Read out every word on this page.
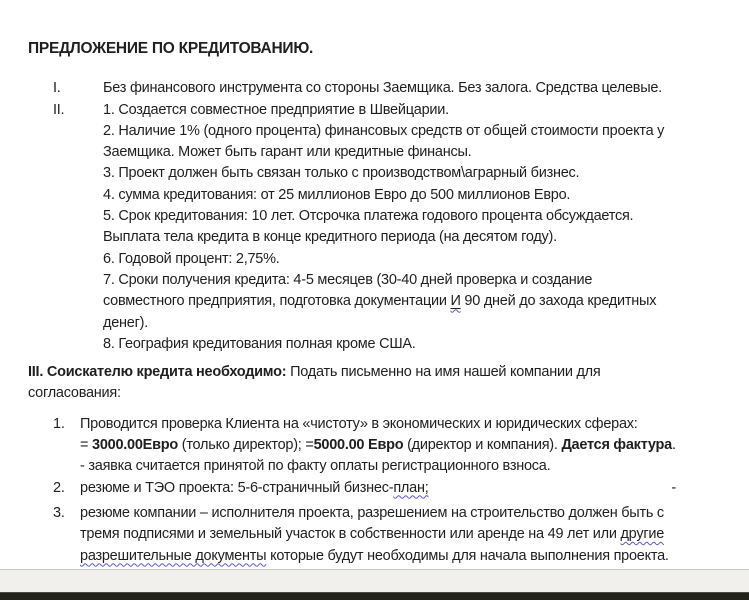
ПРЕДЛОЖЕНИЕ ПО КРЕДИТОВАНИЮ.
I.	Без финансового инструмента со стороны Заемщика. Без залога. Средства целевые.
II.	1. Создается совместное предприятие в Швейцарии.
2. Наличие 1% (одного процента) финансовых средств от общей стоимости проекта у
Заемщика. Может быть гарант или кредитные финансы.
3. Проект должен быть связан только с производством\аграрный бизнес.
4. сумма кредитования: от 25 миллионов Евро до 500 миллионов Евро.
5. Срок кредитования: 10 лет. Отсрочка платежа годового процента обсуждается.
Выплата тела кредита в конце кредитного периода (на десятом году).
6. Годовой процент: 2,75%.
7. Сроки получения кредита: 4-5 месяцев (30-40 дней проверка и создание
совместного предприятия, подготовка документации И 90 дней до захода кредитных
денег).
8. География кредитования полная кроме США.
III. Соискателю кредита необходимо: Подать письменно на имя нашей компании для
согласования:
1.	Проводится проверка Клиента на «чистоту» в экономических и юридических сферах:
= 3000.00Евро (только директор); =5000.00 Евро (директор и компания). Дается фактура.
- заявка считается принятой по факту оплаты регистрационного взноса.
2.	резюме и ТЭО проекта: 5-6-страничный бизнес-план;	-
3.	резюме компании – исполнителя проекта, разрешением на строительство должен быть с
тремя подписями и земельный участок в собственности или аренде на 49 лет или другие
разрешительные документы которые будут необходимы для начала выполнения проекта.
